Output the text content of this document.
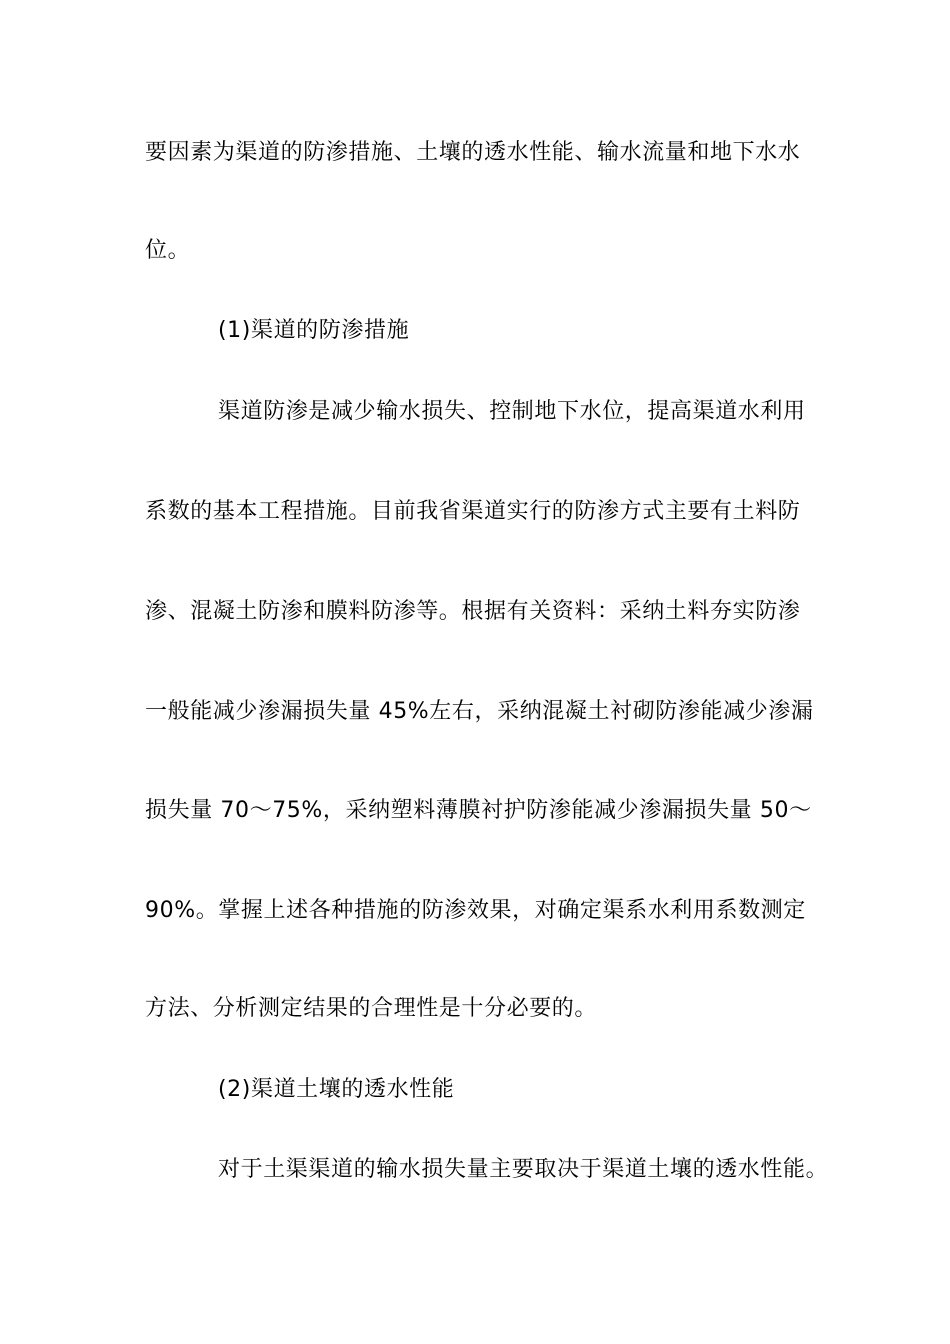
要因素为渠道的防渗措施、土壤的透水性能、输水流量和地下水水
位。
(1)渠道的防渗措施
渠道防渗是减少输水损失、控制地下水位，提高渠道水利用
系数的基本工程措施。目前我省渠道实行的防渗方式主要有土料防
渗、混凝土防渗和膜料防渗等。根据有关资料：采纳土料夯实防渗
一般能减少渗漏损失量 45%左右，采纳混凝土衬砌防渗能减少渗漏
损失量 70～75%，采纳塑料薄膜衬护防渗能减少渗漏损失量 50～
90%。掌握上述各种措施的防渗效果，对确定渠系水利用系数测定
方法、分析测定结果的合理性是十分必要的。
(2)渠道土壤的透水性能
对于土渠渠道的输水损失量主要取决于渠道土壤的透水性能。
